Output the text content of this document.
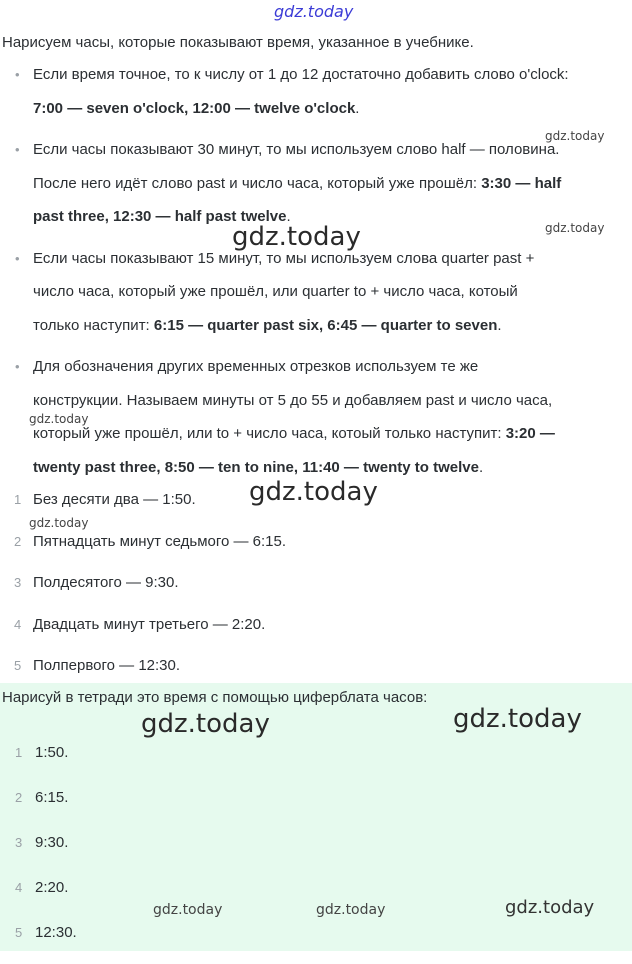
gdz.today
Нарисуем часы, которые показывают время, указанное в учебнике.
• Если время точное, то к числу от 1 до 12 достаточно добавить слово o'clock:
7:00 — seven o'clock, 12:00 — twelve o'clock.
• Если часы показывают 30 минут, то мы используем слово half — половина.
После него идёт слово past и число часа, который уже прошёл: 3:30 — half
past three, 12:30 — half past twelve.
• Если часы показывают 15 минут, то мы используем слова quarter past +
число часа, который уже прошёл, или quarter to + число часа, котоый
только наступит: 6:15 — quarter past six, 6:45 — quarter to seven.
• Для обозначения других временных отрезков используем те же
конструкции. Называем минуты от 5 до 55 и добавляем past и число часа,
который уже прошёл, или to + число часа, котоый только наступит: 3:20 —
twenty past three, 8:50 — ten to nine, 11:40 — twenty to twelve.
1 Без десяти два — 1:50.
2 Пятнадцать минут седьмого — 6:15.
3 Полдесятого — 9:30.
4 Двадцать минут третьего — 2:20.
5 Полпервого — 12:30.
Нарисуй в тетради это время с помощью циферблата часов:
1 1:50.
2 6:15.
3 9:30.
4 2:20.
5 12:30.
gdz.today
gdz.today
gdz.today
gdz.today
gdz.today
gdz.today
gdz.today	gdz.today
gdz.today	gdz.today	gdz.today
